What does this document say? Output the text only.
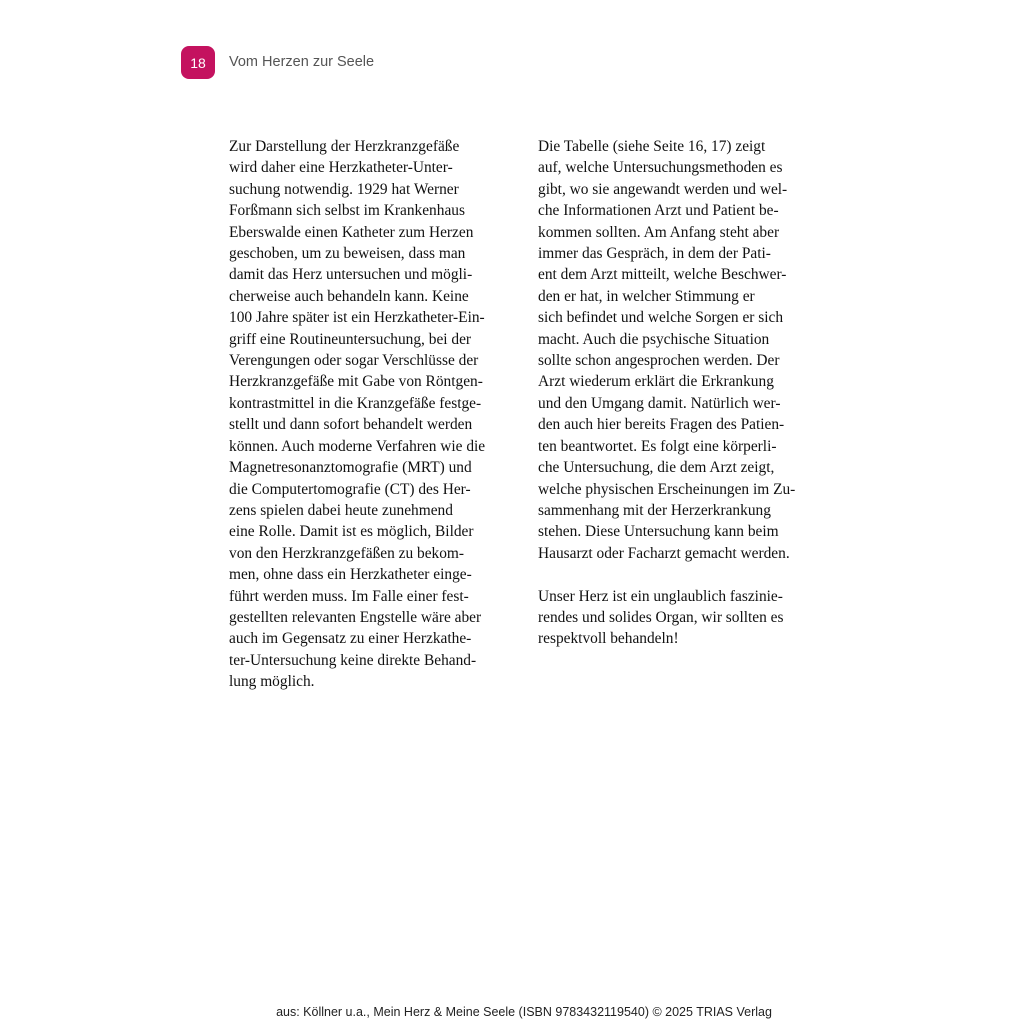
18	Vom Herzen zur Seele
Zur Darstellung der Herzkranzgefäße
wird daher eine Herzkatheter-Unter-
suchung notwendig. 1929 hat Werner
Forßmann sich selbst im Krankenhaus
Eberswalde einen Katheter zum Herzen
geschoben, um zu beweisen, dass man
damit das Herz untersuchen und mögli-
cherweise auch behandeln kann. Keine
100 Jahre später ist ein Herzkatheter-Ein-
griff eine Routineuntersuchung, bei der
Verengungen oder sogar Verschlüsse der
Herzkranzgefäße mit Gabe von Röntgen-
kontrastmittel in die Kranzgefäße festge-
stellt und dann sofort behandelt werden
können. Auch moderne Verfahren wie die
Magnetresonanztomografie (MRT) und
die Computertomografie (CT) des Her-
zens spielen dabei heute zunehmend
eine Rolle. Damit ist es möglich, Bilder
von den Herzkranzgefäßen zu bekom-
men, ohne dass ein Herzkatheter einge-
führt werden muss. Im Falle einer fest-
gestellten relevanten Engstelle wäre aber
auch im Gegensatz zu einer Herzkathe-
ter-Untersuchung keine direkte Behand-
lung möglich.
Die Tabelle (siehe Seite 16, 17) zeigt
auf, welche Untersuchungsmethoden es
gibt, wo sie angewandt werden und wel-
che Informationen Arzt und Patient be-
kommen sollten. Am Anfang steht aber
immer das Gespräch, in dem der Pati-
ent dem Arzt mitteilt, welche Beschwer-
den er hat, in welcher Stimmung er
sich befindet und welche Sorgen er sich
macht. Auch die psychische Situation
sollte schon angesprochen werden. Der
Arzt wiederum erklärt die Erkrankung
und den Umgang damit. Natürlich wer-
den auch hier bereits Fragen des Patien-
ten beantwortet. Es folgt eine körperli-
che Untersuchung, die dem Arzt zeigt,
welche physischen Erscheinungen im Zu-
sammenhang mit der Herzerkrankung
stehen. Diese Untersuchung kann beim
Hausarzt oder Facharzt gemacht werden.
Unser Herz ist ein unglaublich faszinie-
rendes und solides Organ, wir sollten es
respektvoll behandeln!
aus: Köllner u.a., Mein Herz & Meine Seele (ISBN 9783432119540) © 2025 TRIAS Verlag
